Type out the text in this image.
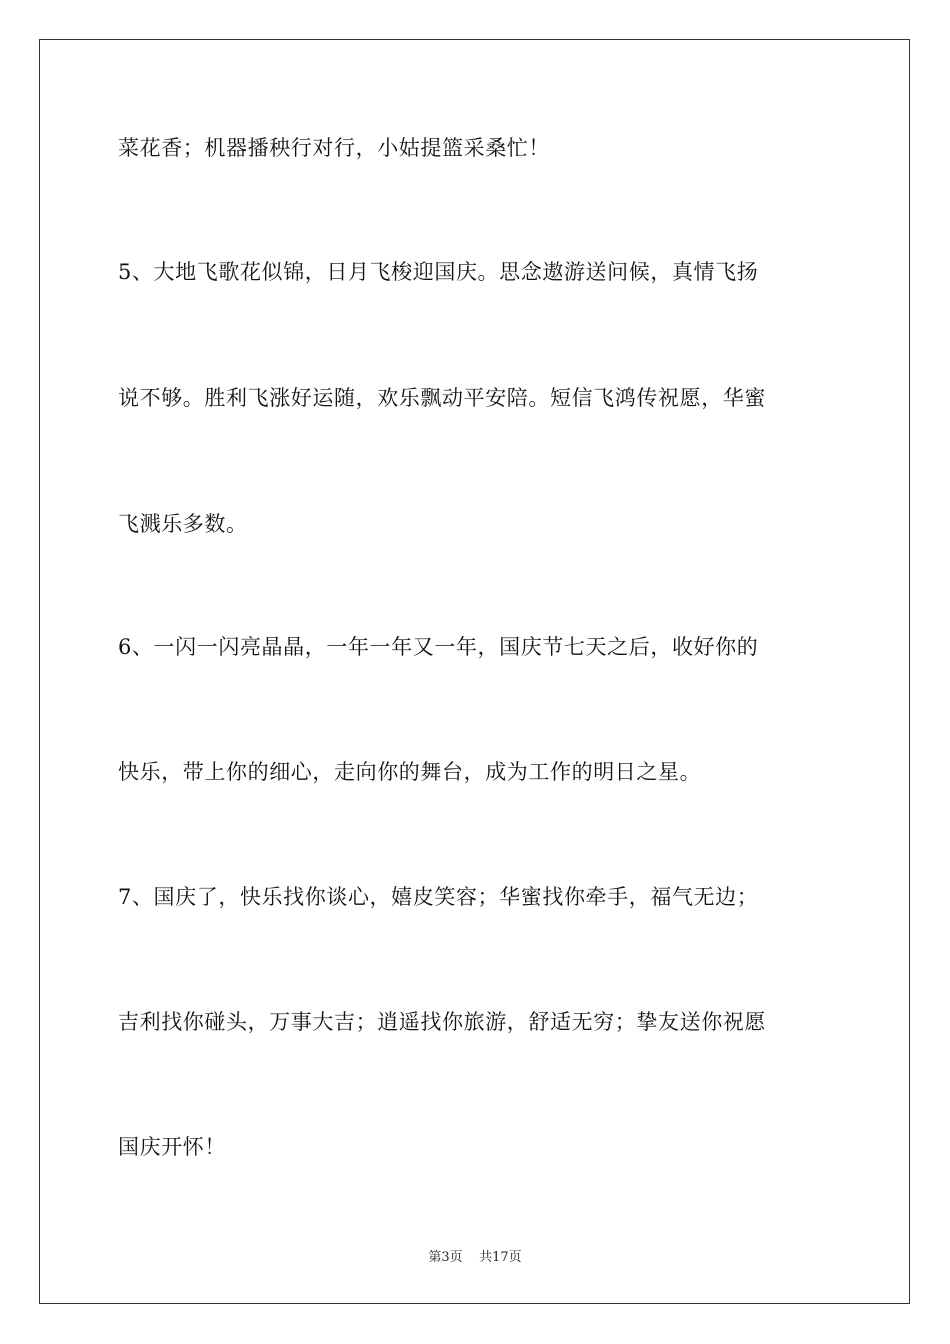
菜花香；机器播秧行对行，小姑提篮采桑忙！

5、大地飞歌花似锦，日月飞梭迎国庆。思念遨游送问候，真情飞扬

说不够。胜利飞涨好运随，欢乐飘动平安陪。短信飞鸿传祝愿，华蜜

飞溅乐多数。

6、一闪一闪亮晶晶，一年一年又一年，国庆节七天之后，收好你的

快乐，带上你的细心，走向你的舞台，成为工作的明日之星。

7、国庆了，快乐找你谈心，嬉皮笑容；华蜜找你牵手，福气无边；

吉利找你碰头，万事大吉；逍遥找你旅游，舒适无穷；挚友送你祝愿

国庆开怀！

第3页 共17页
